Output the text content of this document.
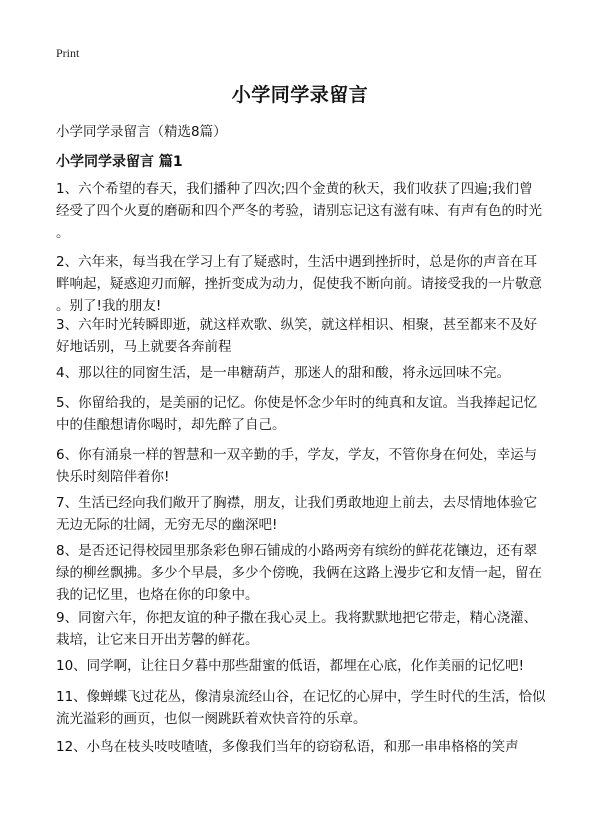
Print
小学同学录留言
小学同学录留言（精选8篇）
小学同学录留言 篇1
1、六个希望的春天，我们播种了四次;四个金黄的秋天，我们收获了四遍;我们曾
经受了四个火夏的磨砺和四个严冬的考验，请别忘记这有滋有味、有声有色的时光
。
2、六年来，每当我在学习上有了疑惑时，生活中遇到挫折时，总是你的声音在耳
畔响起，疑惑迎刃而解，挫折变成为动力，促使我不断向前。请接受我的一片敬意
。别了!我的朋友!
3、六年时光转瞬即逝，就这样欢歌、纵笑，就这样相识、相聚，甚至都来不及好
好地话别，马上就要各奔前程
4、那以往的同窗生活，是一串糖葫芦，那迷人的甜和酸，将永远回味不完。
5、你留给我的，是美丽的记忆。你使是怀念少年时的纯真和友谊。当我捧起记忆
中的佳酿想请你喝时，却先醉了自己。
6、你有涌泉一样的智慧和一双辛勤的手，学友，学友，不管你身在何处，幸运与
快乐时刻陪伴着你!
7、生活已经向我们敞开了胸襟，朋友，让我们勇敢地迎上前去，去尽情地体验它
无边无际的壮阔，无穷无尽的幽深吧!
8、是否还记得校园里那条彩色卵石铺成的小路两旁有缤纷的鲜花花镶边，还有翠
绿的柳丝飘拂。多少个早晨，多少个傍晚，我俩在这路上漫步它和友情一起，留在
我的记忆里，也烙在你的印象中。
9、同窗六年，你把友谊的种子撒在我心灵上。我将默默地把它带走，精心浇灌、
栽培，让它来日开出芳馨的鲜花。
10、同学啊，让往日夕暮中那些甜蜜的低语，都埋在心底，化作美丽的记忆吧!
11、像蝉蝶飞过花丛，像清泉流经山谷，在记忆的心屏中，学生时代的生活，恰似
流光溢彩的画页，也似一阕跳跃着欢快音符的乐章。
12、小鸟在枝头吱吱喳喳，多像我们当年的窃窃私语，和那一串串格格的笑声
